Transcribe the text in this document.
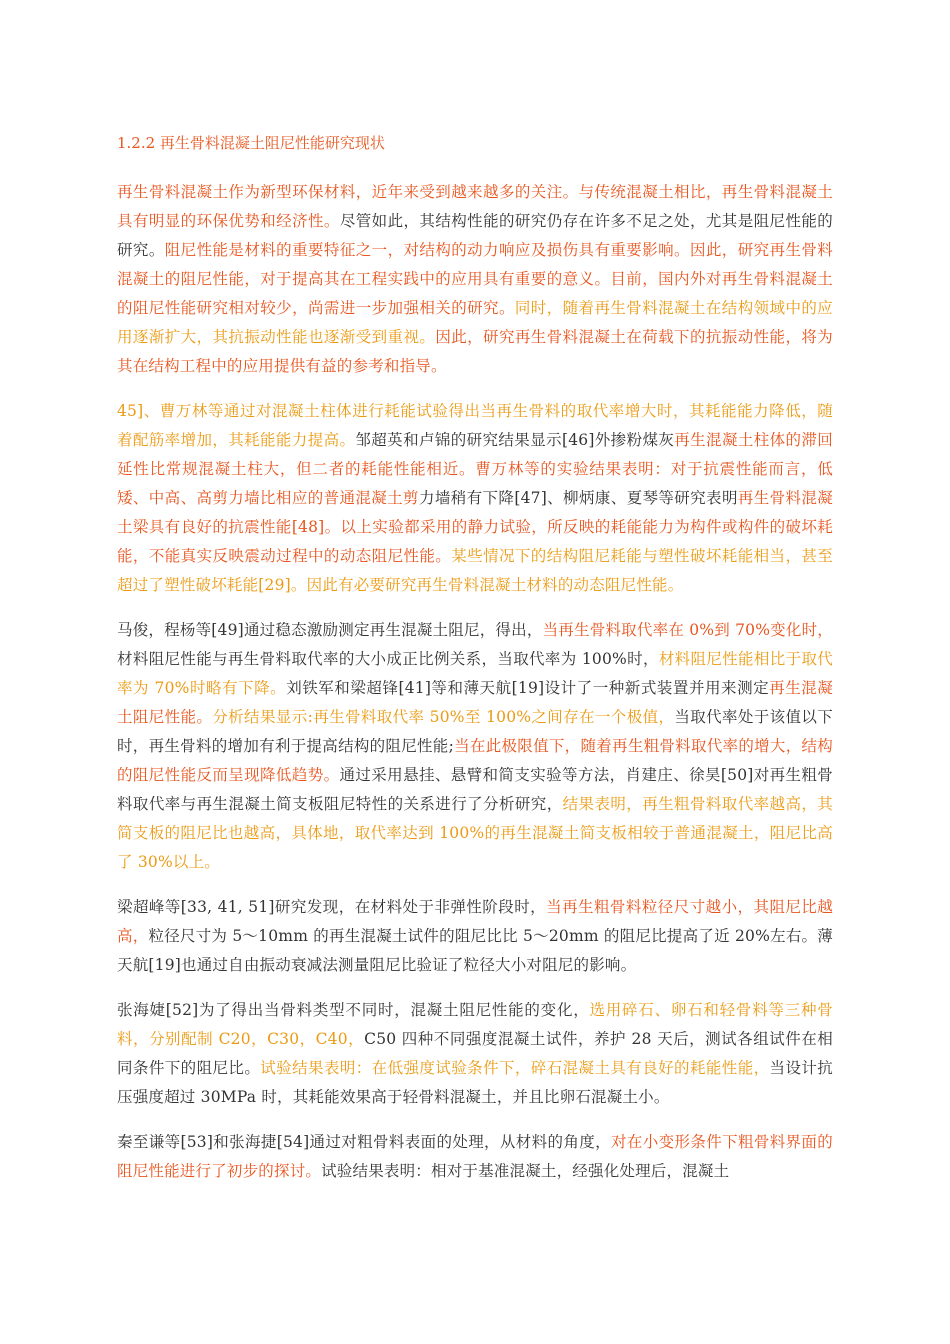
1.2.2 再生骨料混凝土阻尼性能研究现状

再生骨料混凝土作为新型环保材料，近年来受到越来越多的关注。与传统混凝土相比，再生骨料混凝土具有明显的环保优势和经济性。尽管如此，其结构性能的研究仍存在许多不足之处，尤其是阻尼性能的研究。阻尼性能是材料的重要特征之一，对结构的动力响应及损伤具有重要影响。因此，研究再生骨料混凝土的阻尼性能，对于提高其在工程实践中的应用具有重要的意义。目前，国内外对再生骨料混凝土的阻尼性能研究相对较少，尚需进一步加强相关的研究。同时，随着再生骨料混凝土在结构领域中的应用逐渐扩大，其抗振动性能也逐渐受到重视。因此，研究再生骨料混凝土在荷载下的抗振动性能，将为其在结构工程中的应用提供有益的参考和指导。

45]、曹万林等通过对混凝土柱体进行耗能试验得出当再生骨料的取代率增大时，其耗能能力降低，随着配筋率增加，其耗能能力提高。邹超英和卢锦的研究结果显示[46]外掺粉煤灰再生混凝土柱体的滞回延性比常规混凝土柱大，但二者的耗能性能相近。曹万林等的实验结果表明：对于抗震性能而言，低矮、中高、高剪力墙比相应的普通混凝土剪力墙稍有下降[47]、柳炳康、夏琴等研究表明再生骨料混凝土梁具有良好的抗震性能[48]。以上实验都采用的静力试验，所反映的耗能能力为构件或构件的破坏耗能，不能真实反映震动过程中的动态阻尼性能。某些情况下的结构阻尼耗能与塑性破坏耗能相当，甚至超过了塑性破坏耗能[29]。因此有必要研究再生骨料混凝土材料的动态阻尼性能。

马俊，程杨等[49]通过稳态激励测定再生混凝土阻尼，得出，当再生骨料取代率在 0%到 70%变化时，材料阻尼性能与再生骨料取代率的大小成正比例关系，当取代率为 100%时，材料阻尼性能相比于取代率为 70%时略有下降。刘铁军和梁超锋[41]等和薄天航[19]设计了一种新式装置并用来测定再生混凝土阻尼性能。分析结果显示:再生骨料取代率 50%至 100%之间存在一个极值，当取代率处于该值以下时，再生骨料的增加有利于提高结构的阻尼性能;当在此极限值下，随着再生粗骨料取代率的增大，结构的阻尼性能反而呈现降低趋势。通过采用悬挂、悬臂和简支实验等方法，肖建庄、徐昊[50]对再生粗骨料取代率与再生混凝土简支板阻尼特性的关系进行了分析研究，结果表明，再生粗骨料取代率越高，其简支板的阻尼比也越高，具体地，取代率达到 100%的再生混凝土简支板相较于普通混凝土，阻尼比高了 30%以上。

梁超峰等[33, 41, 51]研究发现，在材料处于非弹性阶段时，当再生粗骨料粒径尺寸越小，其阻尼比越高，粒径尺寸为 5～10mm 的再生混凝土试件的阻尼比比 5～20mm 的阻尼比提高了近 20%左右。薄天航[19]也通过自由振动衰减法测量阻尼比验证了粒径大小对阻尼的影响。

张海婕[52]为了得出当骨料类型不同时，混凝土阻尼性能的变化，选用碎石、卵石和轻骨料等三种骨料，分别配制 C20，C30，C40，C50 四种不同强度混凝土试件，养护 28 天后，测试各组试件在相同条件下的阻尼比。试验结果表明：在低强度试验条件下，碎石混凝土具有良好的耗能性能，当设计抗压强度超过 30MPa 时，其耗能效果高于轻骨料混凝土，并且比卵石混凝土小。

秦至谦等[53]和张海捷[54]通过对粗骨料表面的处理，从材料的角度，对在小变形条件下粗骨料界面的阻尼性能进行了初步的探讨。试验结果表明：相对于基准混凝土，经强化处理后，混凝土
